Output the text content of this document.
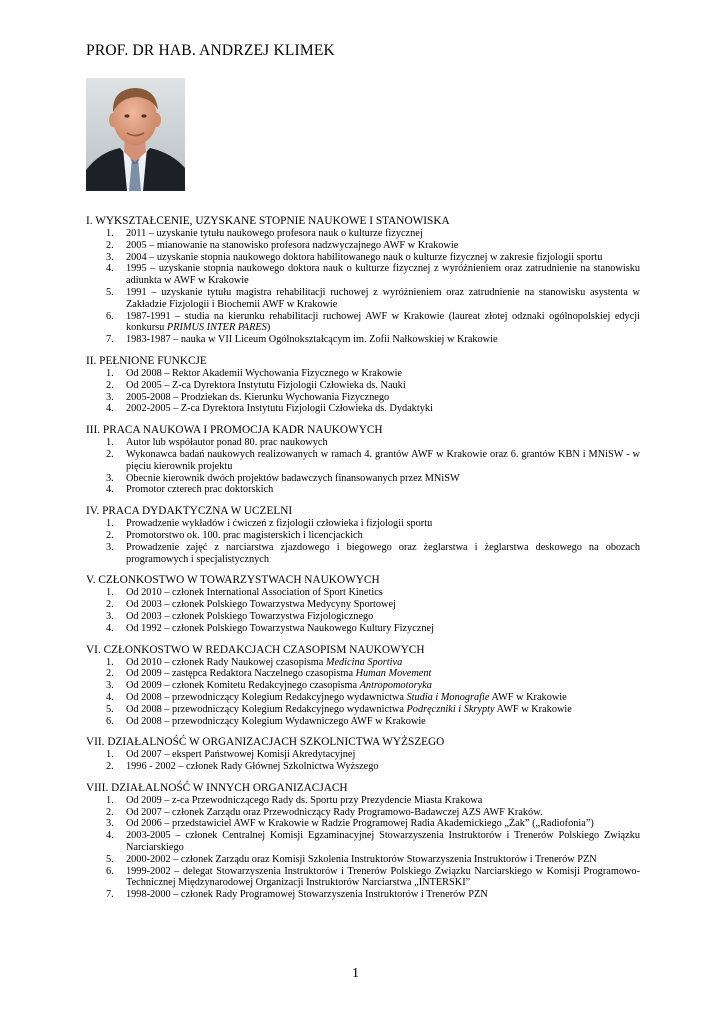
PROF. DR HAB. ANDRZEJ KLIMEK
I. WYKSZTAŁCENIE, UZYSKANE STOPNIE NAUKOWE I STANOWISKA
1.	2011 – uzyskanie tytułu naukowego profesora nauk o kulturze fizycznej
2.	2005 – mianowanie na stanowisko profesora nadzwyczajnego AWF w Krakowie
3.	2004 – uzyskanie stopnia naukowego doktora habilitowanego nauk o kulturze fizycznej w zakresie fizjologii sportu
4.	1995 – uzyskanie stopnia naukowego doktora nauk o kulturze fizycznej z wyróżnieniem oraz zatrudnienie na stanowisku adiunkta w AWF w Krakowie
5.	1991 – uzyskanie tytułu magistra rehabilitacji ruchowej z wyróżnieniem oraz zatrudnienie na stanowisku asystenta w Zakładzie Fizjologii i Biochemii AWF w Krakowie
6.	1987-1991 – studia na kierunku rehabilitacji ruchowej AWF w Krakowie (laureat złotej odznaki ogólnopolskiej edycji konkursu PRIMUS INTER PARES)
7.	1983-1987 – nauka w VII Liceum Ogólnokształcącym im. Zofii Nałkowskiej w Krakowie
II. PEŁNIONE FUNKCJE
1.	Od 2008 – Rektor Akademii Wychowania Fizycznego w Krakowie
2.	Od 2005 – Z-ca Dyrektora Instytutu Fizjologii Człowieka ds. Nauki
3.	2005-2008 – Prodziekan ds. Kierunku Wychowania Fizycznego
4.	2002-2005 – Z-ca Dyrektora Instytutu Fizjologii Człowieka ds. Dydaktyki
III. PRACA NAUKOWA I PROMOCJA KADR NAUKOWYCH
1.	Autor lub współautor ponad 80. prac naukowych
2.	Wykonawca badań naukowych realizowanych w ramach 4. grantów AWF w Krakowie oraz 6. grantów KBN i MNiSW - w pięciu kierownik projektu
3.	Obecnie kierownik dwóch projektów badawczych finansowanych przez MNiSW
4.	Promotor czterech prac doktorskich
IV. PRACA DYDAKTYCZNA W UCZELNI
1.	Prowadzenie wykładów i ćwiczeń z fizjologii człowieka i fizjologii sportu
2.	Promotorstwo ok. 100. prac magisterskich i licencjackich
3.	Prowadzenie zajęć z narciarstwa zjazdowego i biegowego oraz żeglarstwa i żeglarstwa deskowego na obozach programowych i specjalistycznych
V. CZŁONKOSTWO W TOWARZYSTWACH NAUKOWYCH
1.	Od 2010 – członek International Association of Sport Kinetics
2.	Od 2003 – członek Polskiego Towarzystwa Medycyny Sportowej
3.	Od 2003 – członek Polskiego Towarzystwa Fizjologicznego
4.	Od 1992 – członek Polskiego Towarzystwa Naukowego Kultury Fizycznej
VI. CZŁONKOSTWO W REDAKCJACH CZASOPISM NAUKOWYCH
1.	Od 2010 – członek Rady Naukowej czasopisma Medicina Sportiva
2.	Od 2009 – zastępca Redaktora Naczelnego czasopisma Human Movement
3.	Od 2009 – członek Komitetu Redakcyjnego czasopisma Antropomotoryka
4.	Od 2008 – przewodniczący Kolegium Redakcyjnego wydawnictwa Studia i Monografie AWF w Krakowie
5.	Od 2008 – przewodniczący Kolegium Redakcyjnego wydawnictwa Podręczniki i Skrypty AWF w Krakowie
6.	Od 2008 – przewodniczący Kolegium Wydawniczego AWF w Krakowie
VII. DZIAŁALNOŚĆ W ORGANIZACJACH SZKOLNICTWA WYŻSZEGO
1.	Od 2007 – ekspert Państwowej Komisji Akredytacyjnej
2.	1996 - 2002 – członek Rady Głównej Szkolnictwa Wyższego
VIII. DZIAŁALNOŚĆ W INNYCH ORGANIZACJACH
1.	Od 2009 – z-ca Przewodniczącego Rady ds. Sportu przy Prezydencie Miasta Krakowa
2.	Od 2007 – członek Zarządu oraz Przewodniczący Rady Programowo-Badawczej AZS AWF Kraków.
3.	Od 2006 – przedstawiciel AWF w Krakowie w Radzie Programowej Radia Akademickiego „Żak” („Radiofonia”)
4.	2003-2005 – członek Centralnej Komisji Egzaminacyjnej Stowarzyszenia Instruktorów i Trenerów Polskiego Związku Narciarskiego
5.	2000-2002 – członek Zarządu oraz Komisji Szkolenia Instruktorów Stowarzyszenia Instruktorów i Trenerów PZN
6.	1999-2002 – delegat Stowarzyszenia Instruktorów i Trenerów Polskiego Związku Narciarskiego w Komisji Programowo-Technicznej Międzynarodowej Organizacji Instruktorów Narciarstwa „INTERSKI”
7.	1998-2000 – członek Rady Programowej Stowarzyszenia Instruktorów i Trenerów PZN
1
